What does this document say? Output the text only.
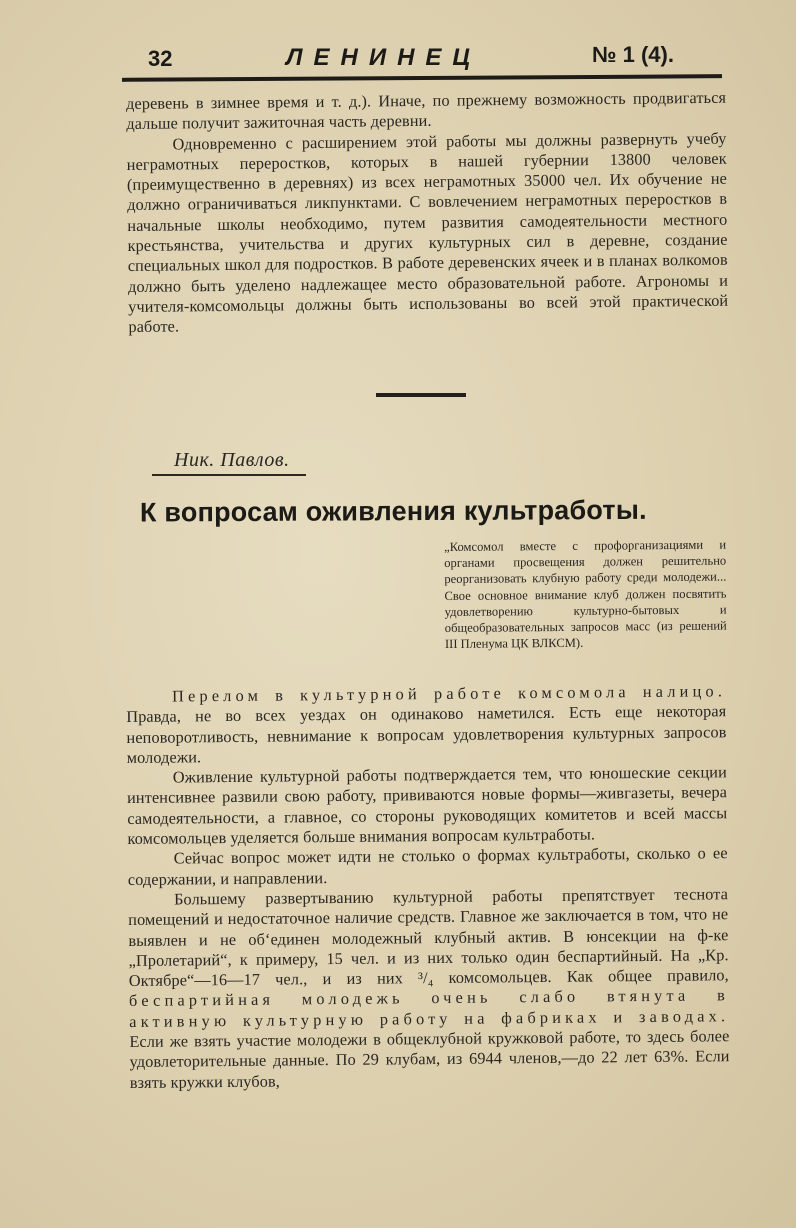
32	ЛЕНИНЕЦ	№ 1 (4).

деревень в зимнее время и т. д.). Иначе, по прежнему возможность продвигаться дальше получит зажиточная часть деревни.

Одновременно с расширением этой работы мы должны развернуть учебу неграмотных переростков, которых в нашей губернии 13800 человек (преимущественно в деревнях) из всех неграмотных 35000 чел. Их обучение не должно ограничиваться ликпунктами. С вовлечением неграмотных переростков в начальные школы необходимо, путем развития самодеятельности местного крестьянства, учительства и других культурных сил в деревне, создание специальных школ для подростков. В работе деревенских ячеек и в планах волкомов должно быть уделено надлежащее место образовательной работе. Агрономы и учителя-комсомольцы должны быть использованы во всей этой практической работе.

Ник. Павлов.
К вопросам оживления культработы.
„Комсомол вместе с профорганизациями и органами просвещения должен решительно реорганизовать клубную работу среди молодежи... Свое основное внимание клуб должен посвятить удовлетворению культурно-бытовых и общеобразовательных запросов масс (из решений III Пленума ЦК ВЛКСМ).

Перелом в культурной работе комсомола налицо. Правда, не во всех уездах он одинаково наметился. Есть еще некоторая неповоротливость, невнимание к вопросам удовлетворения культурных запросов молодежи.

Оживление культурной работы подтверждается тем, что юношеские секции интенсивнее развили свою работу, прививаются новые формы—живгазеты, вечера самодеятельности, а главное, со стороны руководящих комитетов и всей массы комсомольцев уделяется больше внимания вопросам культработы.

Сейчас вопрос может идти не столько о формах культработы, сколько о ее содержании, и направлении.

Большему развертыванию культурной работы препятствует теснота помещений и недостаточное наличие средств. Главное же заключается в том, что не выявлен и не об‘единен молодежный клубный актив. В юнсекции на ф-ке „Пролетарий“, к примеру, 15 чел. и из них только один беспартийный. На „Кр. Октябре“—16—17 чел., и из них ³/₄ комсомольцев. Как общее правило, беспартийная молодежь очень слабо втянута в активную культурную работу на фабриках и заводах. Если же взять участие молодежи в общеклубной кружковой работе, то здесь более удовлеторительные данные. По 29 клубам, из 6944 членов,—до 22 лет 63%. Если взять кружки клубов,
